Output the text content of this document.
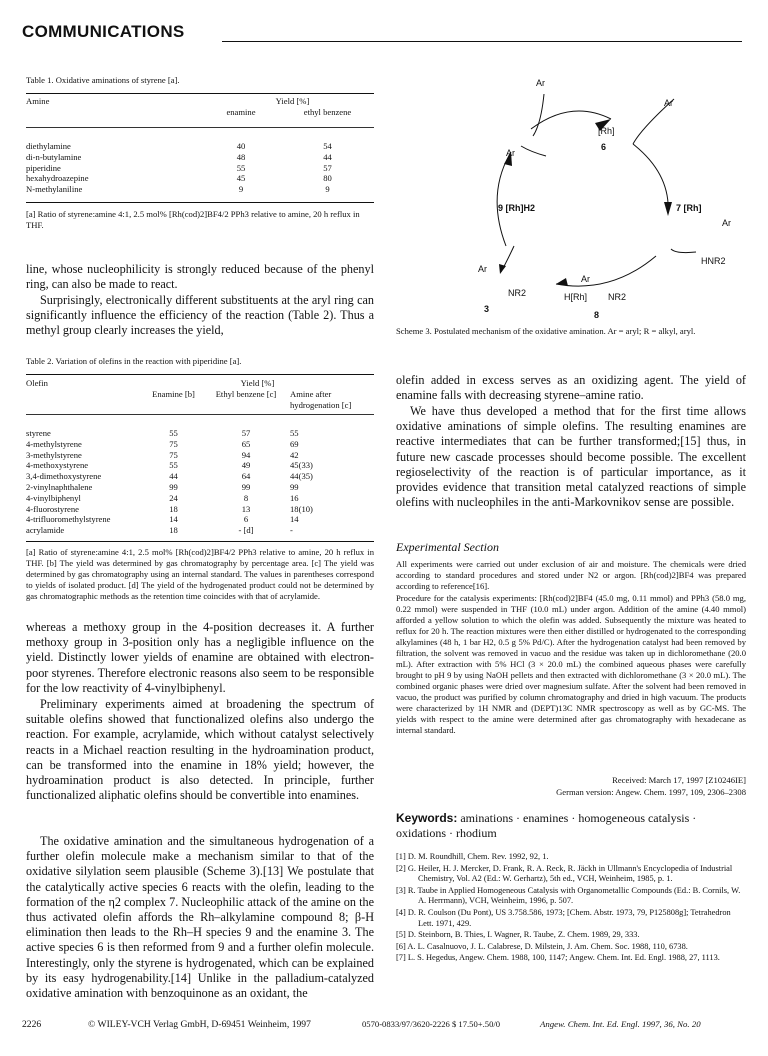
COMMUNICATIONS
Table 1. Oxidative aminations of styrene [a].
Amine	Yield [%]	
	enamine	ethyl benzene
diethylamine	40	54
di-n-butylamine	48	44
piperidine	55	57
hexahydroazepine	45	80
N-methylaniline	9	9
[a] Ratio of styrene:amine 4:1, 2.5 mol% [Rh(cod)2]BF4/2 PPh3 relative to amine, 20 h reflux in THF.
line, whose nucleophilicity is strongly reduced because of the phenyl ring, can also be made to react.
Surprisingly, electronically different substituents at the aryl ring can significantly influence the efficiency of the reaction (Table 2). Thus a methyl group clearly increases the yield,
Table 2. Variation of olefins in the reaction with piperidine [a].
Olefin	Yield [%]		
	Enamine [b]	Ethyl benzene [c]	Amine after hydrogenation [c]
styrene	55	57	55
4-methylstyrene	75	65	69
3-methylstyrene	75	94	42
4-methoxystyrene	55	49	45(33)
3,4-dimethoxystyrene	44	64	44(35)
2-vinylnaphthalene	99	99	99
4-vinylbiphenyl	24	8	16
4-fluorostyrene	18	13	18(10)
4-trifluoromethylstyrene	14	6	14
acrylamide	18	- [d]	-
[a] Ratio of styrene:amine 4:1, 2.5 mol% [Rh(cod)2]BF4/2 PPh3 relative to amine, 20 h reflux in THF. [b] The yield was determined by gas chromatography by percentage area. [c] The yield was determined by gas chromatography using an internal standard. The values in parentheses correspond to yields of isolated product. [d] The yield of the hydrogenated product could not be determined by gas chromatographic methods as the retention time coincides with that of acrylamide.
whereas a methoxy group in the 4-position decreases it. A further methoxy group in 3-position only has a negligible influence on the yield. Distinctly lower yields of enamine are obtained with electron-poor styrenes. Therefore electronic reasons also seem to be responsible for the low reactivity of 4-vinylbiphenyl.
Preliminary experiments aimed at broadening the spectrum of suitable olefins showed that functionalized olefins also undergo the reaction. For example, acrylamide, which without catalyst selectively reacts in a Michael reaction resulting in the hydroamination product, can be transformed into the enamine in 18% yield; however, the hydroamination product is also detected. In principle, further functionalized aliphatic olefins should be convertible into enamines.
The oxidative amination and the simultaneous hydrogenation of a further olefin molecule make a mechanism similar to that of the oxidative silylation seem plausible (Scheme 3).[13] We postulate that the catalytically active species 6 reacts with the olefin, leading to the formation of the η2 complex 7. Nucleophilic attack of the amine on the thus activated olefin affords the Rh–alkylamine compound 8; β-H elimination then leads to the Rh–H species 9 and the enamine 3. The active species 6 is then reformed from 9 and a further olefin molecule. Interestingly, only the styrene is hydrogenated, which can be explained by its easy hydrogenability.[14] Unlike in the palladium-catalyzed oxidative amination with benzoquinone as an oxidant, the
Ar
Ar
[Rh]
6
Ar
9 [Rh]H2	7 [Rh]
Ar
HNR2
Ar
NR2
3
Ar
H[Rh] NR2
8
Scheme 3. Postulated mechanism of the oxidative amination. Ar = aryl; R = alkyl, aryl.
olefin added in excess serves as an oxidizing agent. The yield of enamine falls with decreasing styrene–amine ratio.
We have thus developed a method that for the first time allows oxidative aminations of simple olefins. The resulting enamines are reactive intermediates that can be further transformed;[15] thus, in future new cascade processes should become possible. The excellent regioselectivity of the reaction is of particular importance, as it provides evidence that transition metal catalyzed reactions of simple olefins with nucleophiles in the anti-Markovnikov sense are possible.
Experimental Section
All experiments were carried out under exclusion of air and moisture. The chemicals were dried according to standard procedures and stored under N2 or argon. [Rh(cod)2]BF4 was prepared according to reference[16].
Procedure for the catalysis experiments: [Rh(cod)2]BF4 (45.0 mg, 0.11 mmol) and PPh3 (58.0 mg, 0.22 mmol) were suspended in THF (10.0 mL) under argon. Addition of the amine (4.40 mmol) afforded a yellow solution to which the olefin was added. Subsequently the mixture was heated to reflux for 20 h. The reaction mixtures were then either distilled or hydrogenated to the corresponding alkylamines (48 h, 1 bar H2, 0.5 g 5% Pd/C). After the hydrogenation catalyst had been removed by filtration, the solvent was removed in vacuo and the residue was taken up in dichloromethane (20.0 mL). After extraction with 5% HCl (3 × 20.0 mL) the combined aqueous phases were carefully brought to pH 9 by using NaOH pellets and then extracted with dichloromethane (3 × 20.0 mL). The combined organic phases were dried over magnesium sulfate. After the solvent had been removed in vacuo, the product was purified by column chromatography and dried in high vacuum. The products were characterized by 1H NMR and (DEPT)13C NMR spectroscopy as well as by GC-MS. The yields with respect to the amine were determined after gas chromatography with hexadecane as internal standard.
Received: March 17, 1997 [Z10246IE]
German version: Angew. Chem. 1997, 109, 2306–2308
Keywords: aminations · enamines · homogeneous catalysis · oxidations · rhodium
[1] D. M. Roundhill, Chem. Rev. 1992, 92, 1.
[2] G. Heiler, H. J. Mercker, D. Frank, R. A. Reck, R. Jäckh in Ullmann's Encyclopedia of Industrial Chemistry, Vol. A2 (Ed.: W. Gerhartz), 5th ed., VCH, Weinheim, 1985, p. 1.
[3] R. Taube in Applied Homogeneous Catalysis with Organometallic Compounds (Ed.: B. Cornils, W. A. Herrmann), VCH, Weinheim, 1996, p. 507.
[4] D. R. Coulson (Du Pont), US 3.758.586, 1973; [Chem. Abstr. 1973, 79, P125808g]; Tetrahedron Lett. 1971, 429.
[5] D. Steinborn, B. Thies, I. Wagner, R. Taube, Z. Chem. 1989, 29, 333.
[6] A. L. Casalnuovo, J. L. Calabrese, D. Milstein, J. Am. Chem. Soc. 1988, 110, 6738.
[7] L. S. Hegedus, Angew. Chem. 1988, 100, 1147; Angew. Chem. Int. Ed. Engl. 1988, 27, 1113.
2226	© WILEY-VCH Verlag GmbH, D-69451 Weinheim, 1997	0570-0833/97/3620-2226 $ 17.50+.50/0	Angew. Chem. Int. Ed. Engl. 1997, 36, No. 20
